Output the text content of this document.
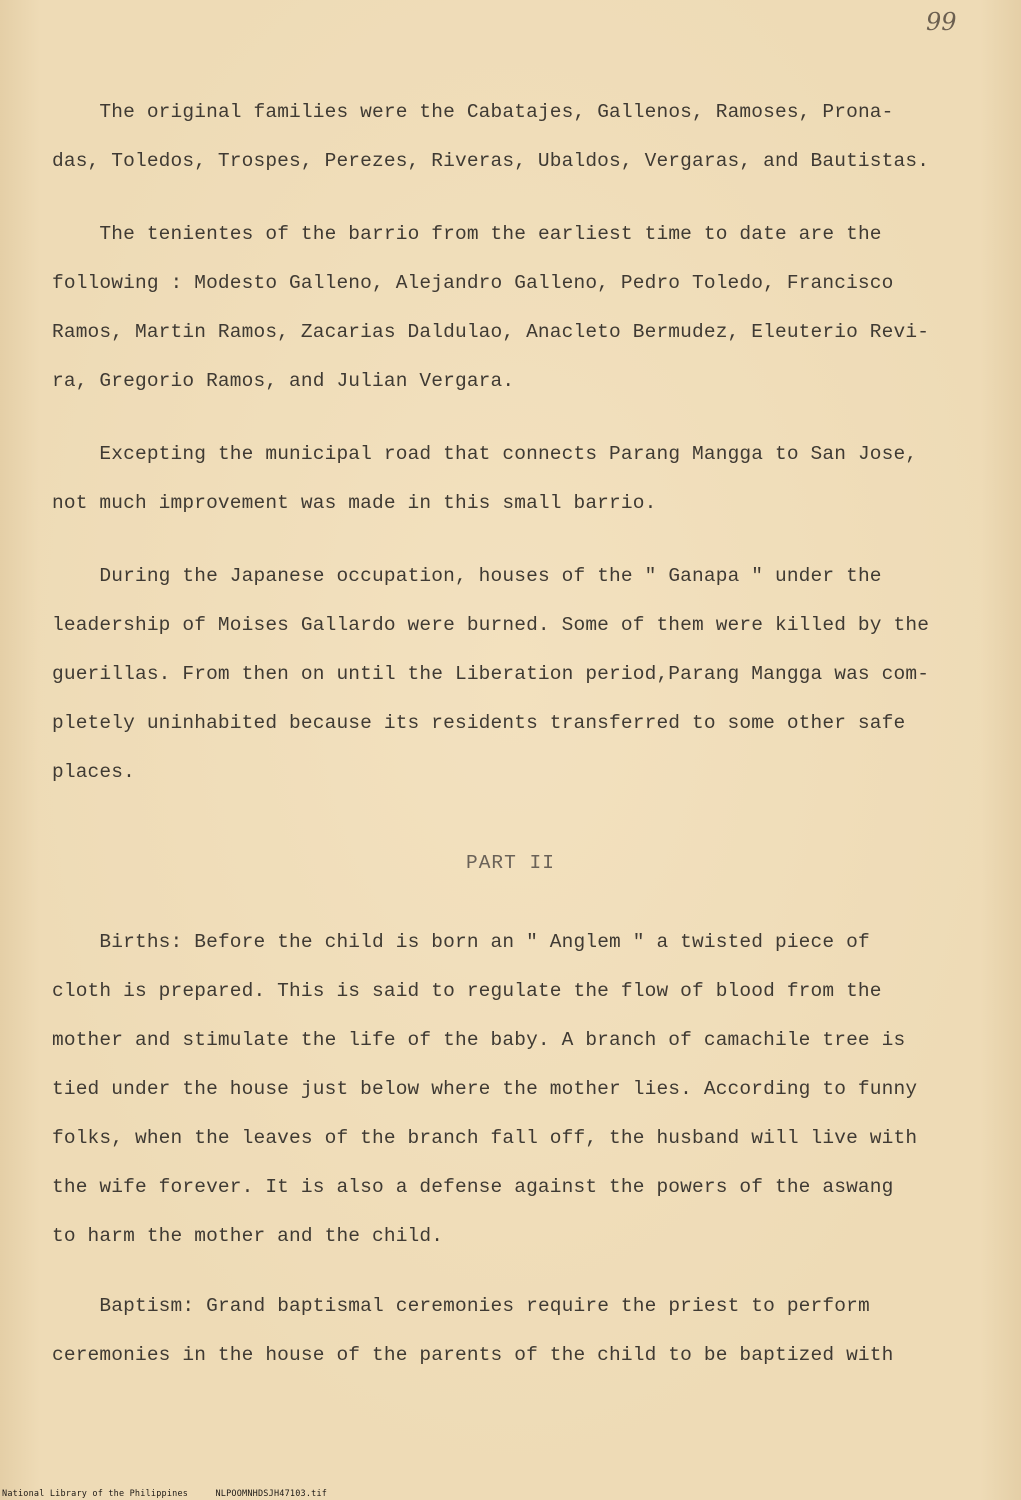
99
The original families were the Cabatajes, Gallenos, Ramoses, Prona-
das, Toledos, Trospes, Perezes, Riveras, Ubaldos, Vergaras, and Bautistas.
The tenientes of the barrio from the earliest time to date are the
following : Modesto Galleno, Alejandro Galleno, Pedro Toledo, Francisco
Ramos, Martin Ramos, Zacarias Daldulao, Anacleto Bermudez, Eleuterio Revi-
ra, Gregorio Ramos, and Julian Vergara.
Excepting the municipal road that connects Parang Mangga to San Jose,
not much improvement was made in this small barrio.
During the Japanese occupation, houses of the " Ganapa " under the
leadership of Moises Gallardo were burned. Some of them were killed by the
guerillas. From then on until the Liberation period,Parang Mangga was com-
pletely uninhabited because its residents transferred to some other safe
places.
PART II
Births: Before the child is born an " Anglem " a twisted piece of
cloth is prepared. This is said to regulate the flow of blood from the
mother and stimulate the life of the baby. A branch of camachile tree is
tied under the house just below where the mother lies. According to funny
folks, when the leaves of the branch fall off, the husband will live with
the wife forever. It is also a defense against the powers of the aswang
to harm the mother and the child.
Baptism: Grand baptismal ceremonies require the priest to perform
ceremonies in the house of the parents of the child to be baptized with
National Library of the Philippines	NLPOOMNHDSJH47103.tif
